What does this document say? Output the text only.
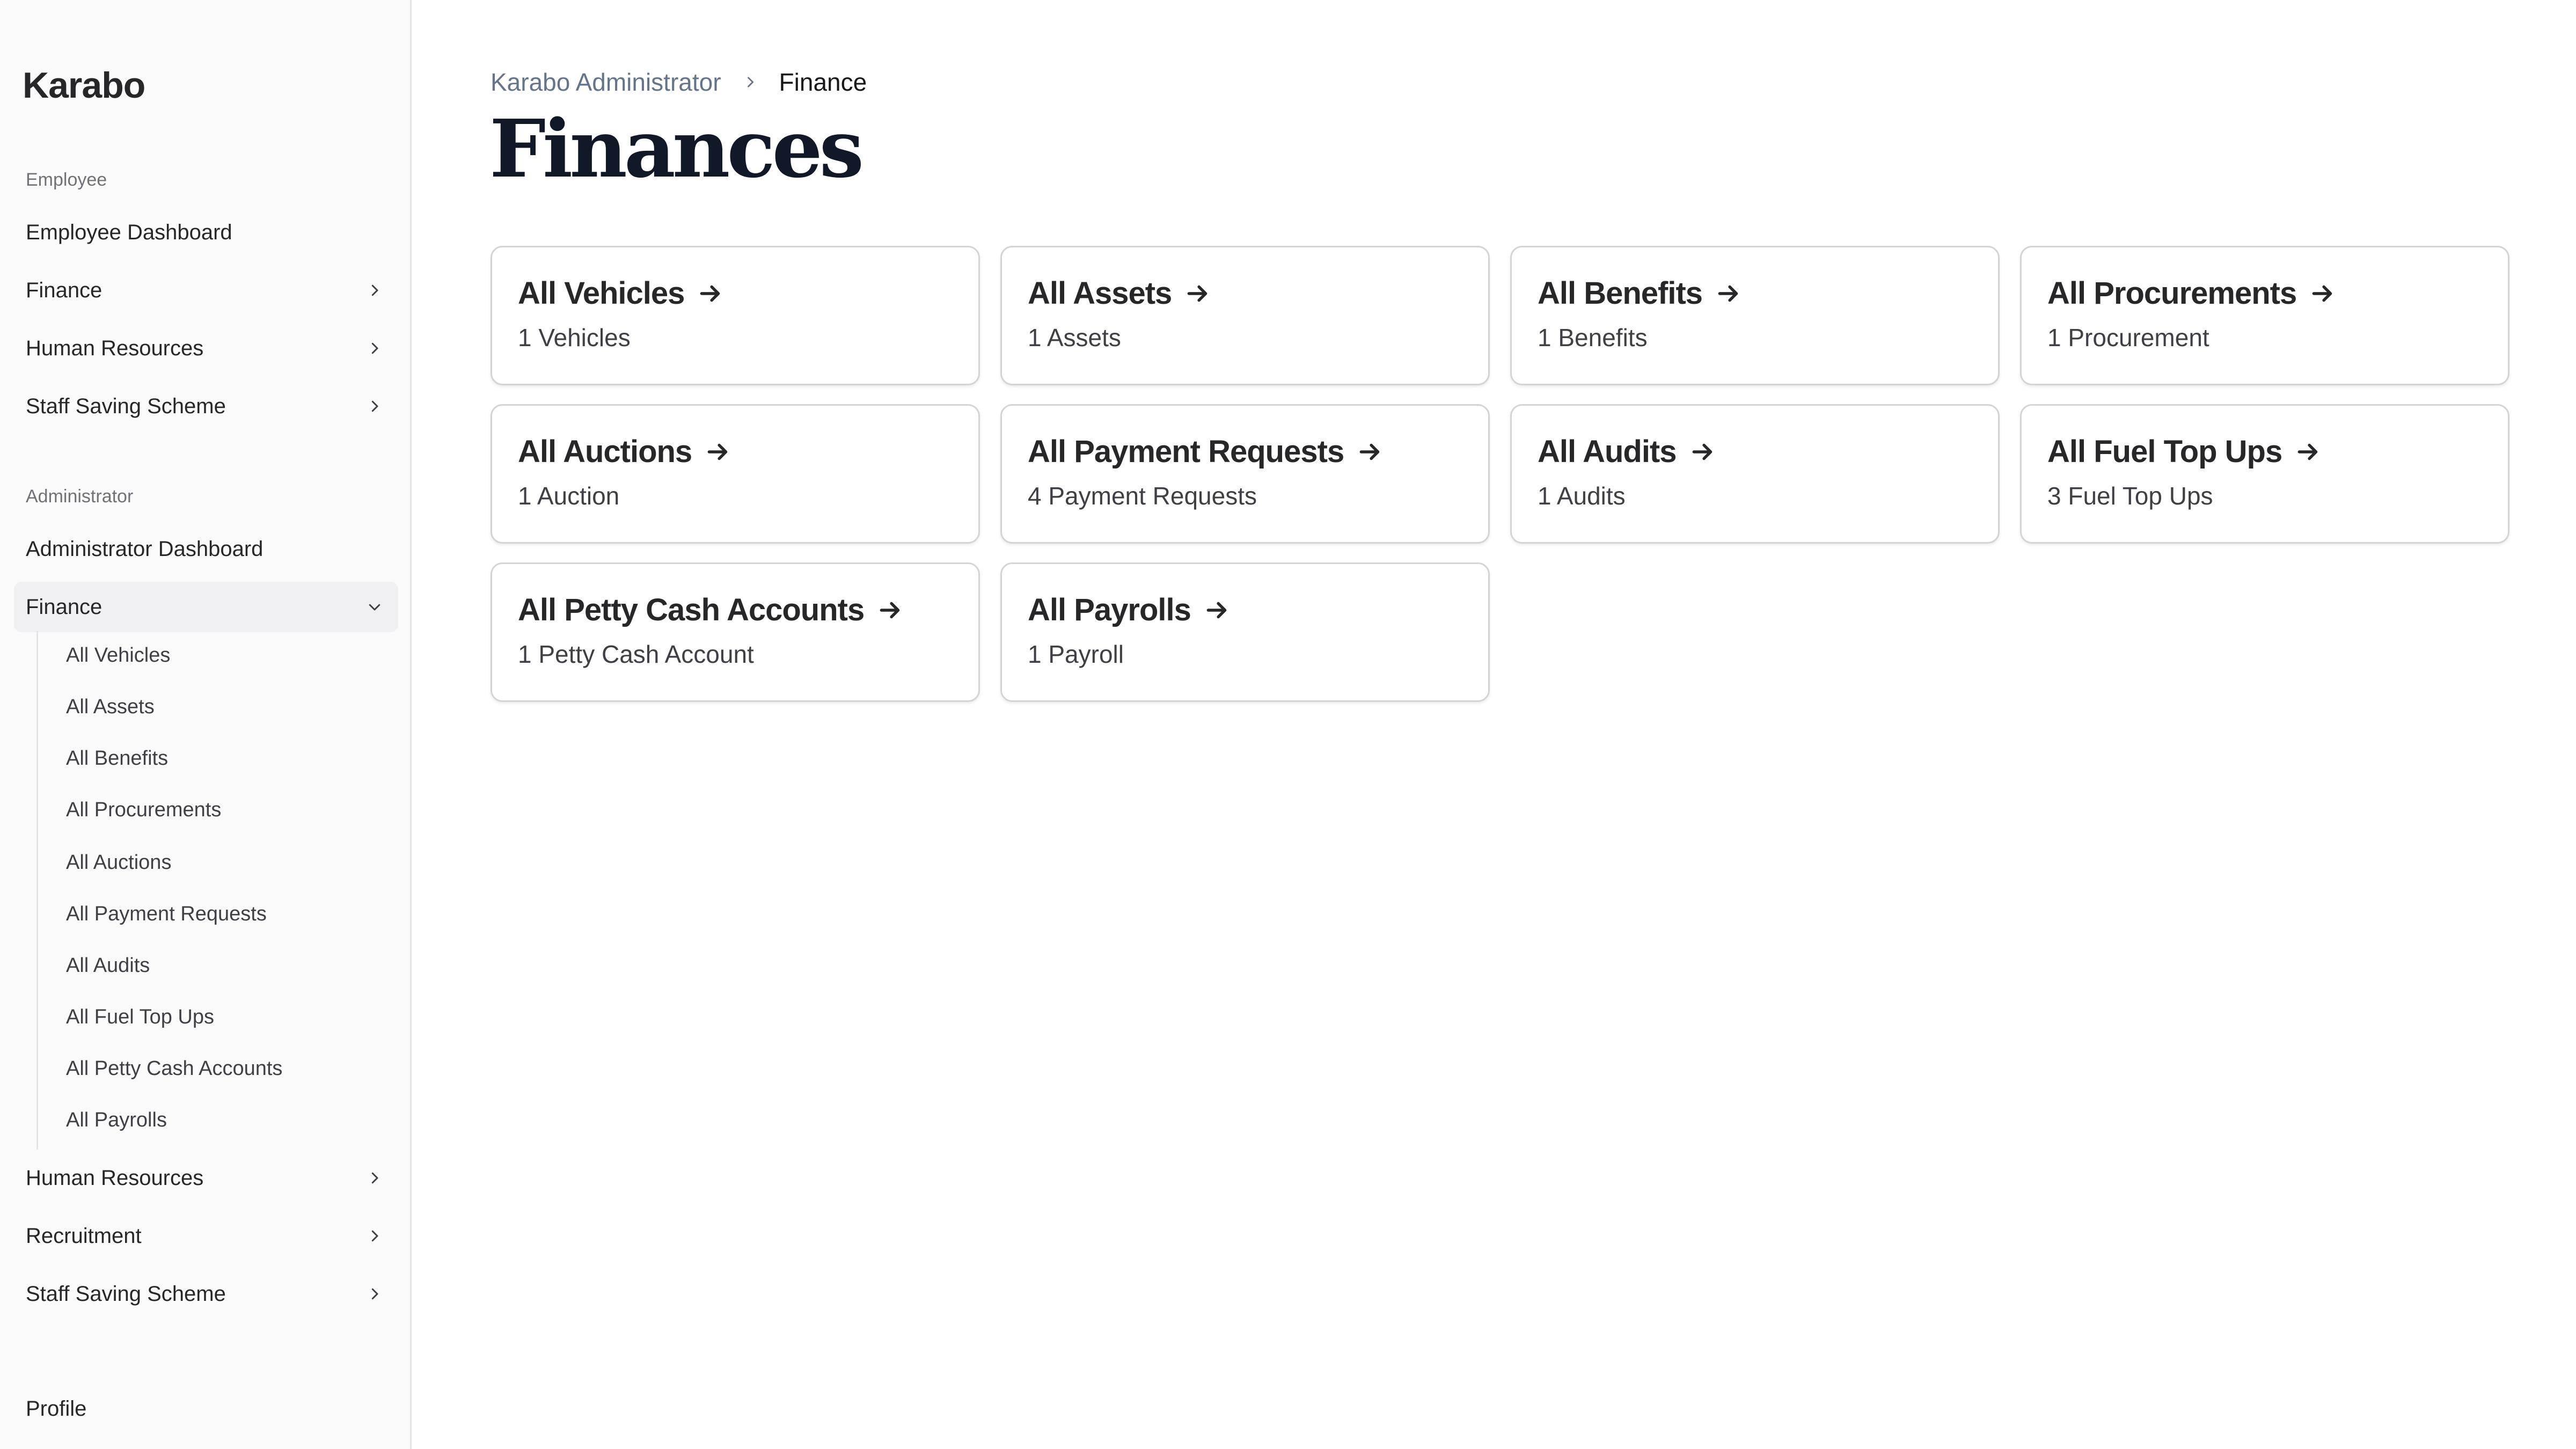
Karabo
Employee
Employee Dashboard
Finance
Human Resources
Staff Saving Scheme
Administrator
Administrator Dashboard
Finance
All Vehicles
All Assets
All Benefits
All Procurements
All Auctions
All Payment Requests
All Audits
All Fuel Top Ups
All Petty Cash Accounts
All Payrolls
Human Resources
Recruitment
Staff Saving Scheme
Profile
Karabo Administrator Finance
Finances
All Vehicles
1 Vehicles
All Assets
1 Assets
All Benefits
1 Benefits
All Procurements
1 Procurement
All Auctions
1 Auction
All Payment Requests
4 Payment Requests
All Audits
1 Audits
All Fuel Top Ups
3 Fuel Top Ups
All Petty Cash Accounts
1 Petty Cash Account
All Payrolls
1 Payroll
